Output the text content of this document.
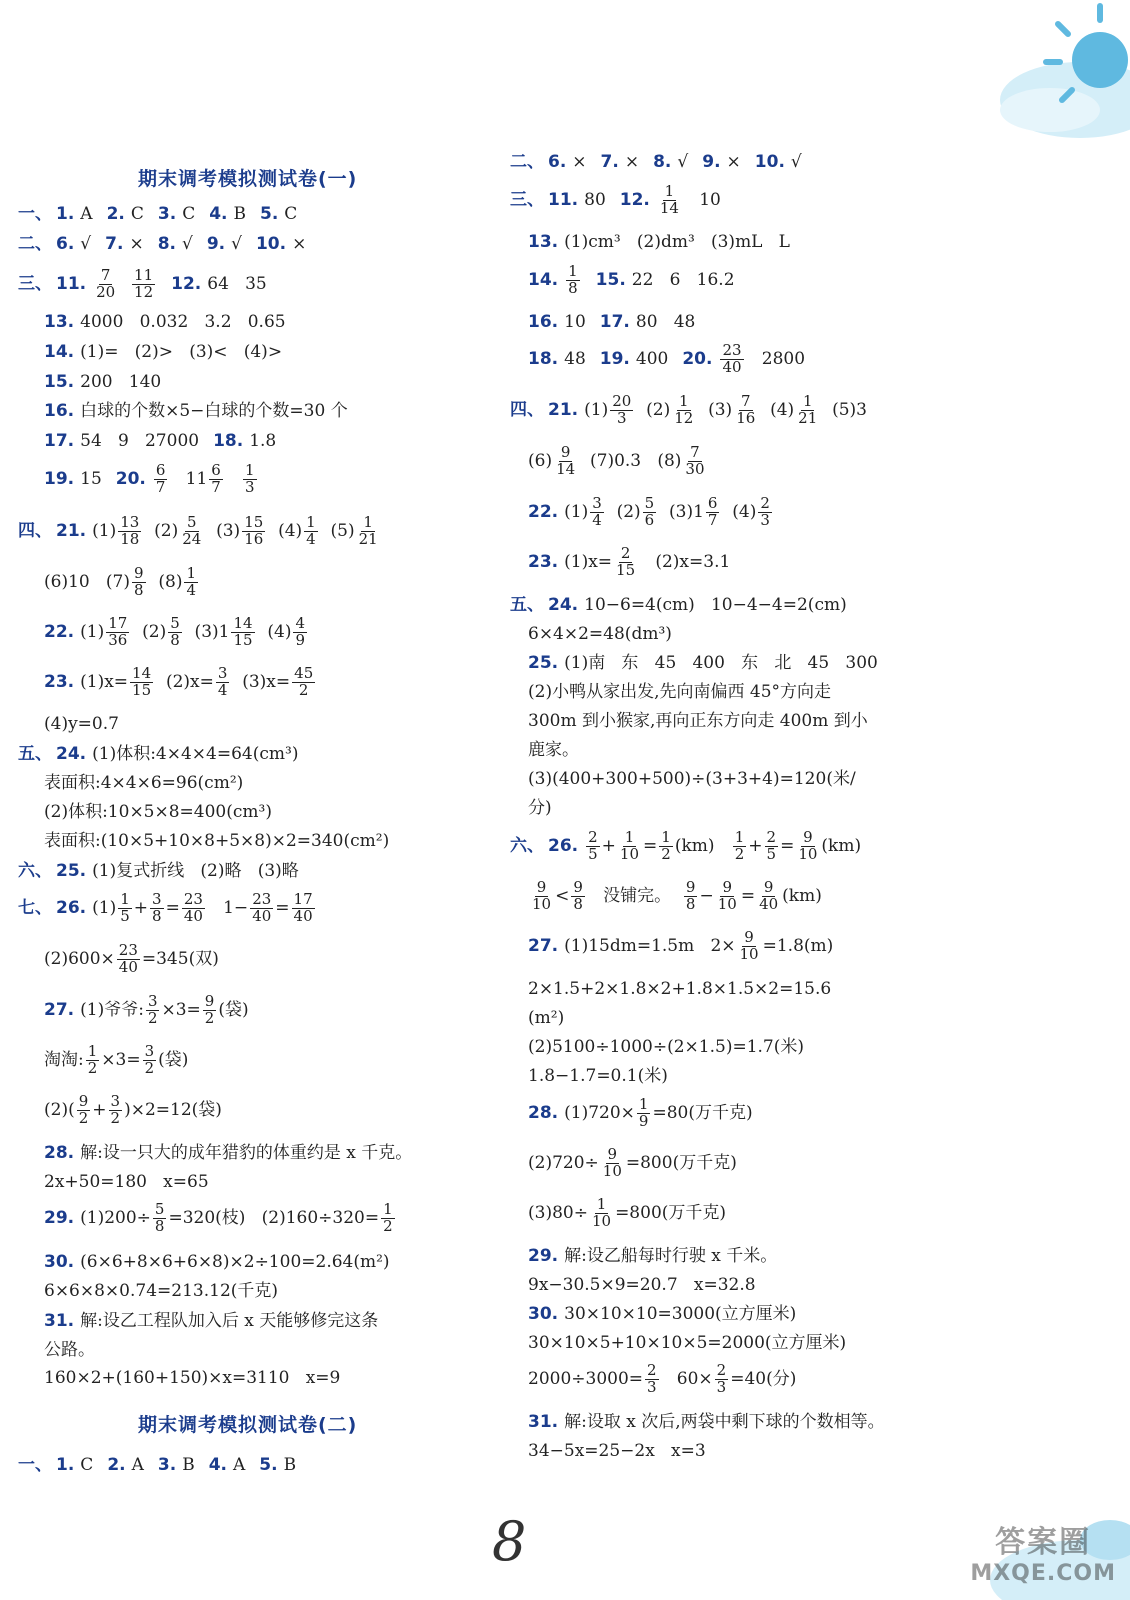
期末调考模拟测试卷(一)
一、 1. A 2. C 3. C 4. B 5. C
二、 6. √ 7. × 8. √ 9. √ 10. ×
三、 11. $\frac{7}{20}$
$\frac{11}{12} 12$. 64   35
13. 4000   0.032   3.2   0.65
14. (1)=   (2)>   (3)<   (4)>
15. 200   140
16. 白球的个数×5−白球的个数=30 个
17. 54   9   27000 18. 1.8
19. 15 20. $\frac{6}{7} 11 \frac{6}{7}$
$\frac{1}{3}$
四、 21. $(1) \frac{13}{18} (2) \frac{5}{24} (3) \frac{15}{16} (4) \frac{1}{4} (5) \frac{1}{21}$
(6)10   $(7) \frac{9}{8} (8) \frac{1}{4}$
22. $(1) \frac{17}{36} (2) \frac{5}{8} (3)1 \frac{14}{15} (4) \frac{4}{9}$
23. $(1)x= \frac{14}{15} (2)x= \frac{3}{4} (3)x= \frac{45}{2}$
(4)y=0.7
五、 24. (1)体积:4×4×4=64(cm³)
表面积:4×4×6=96(cm²)
(2)体积:10×5×8=400(cm³)
表面积:(10×5+10×8+5×8)×2=340(cm²)
六、 25. (1)复式折线   (2)略   (3)略
七、 26. $(1) \frac{1}{5} + \frac{3}{8} = \frac{23}{40} 1- \frac{23}{40} = \frac{17}{40}$
$(2)600\times \frac{23}{40} =345$(双)
27. (1)爷爷: $\frac{3}{2} \times 3= \frac{9}{2}$ (袋)
淘淘: $\frac{1}{2} \times 3= \frac{3}{2}$ (袋)
$(2)( \frac{9}{2} + \frac{3}{2} )\times 2=12$(袋)
28. 解:设一只大的成年猎豹的体重约是 x 千克。
2x+50=180   x=65
29. $(1)200\div \frac{5}{8} =320$(枝)   $(2)160\div 320= \frac{1}{2}$
30. (6×6+8×6+6×8)×2÷100=2.64(m²)
6×6×8×0.74=213.12(千克)
31. 解:设乙工程队加入后 x 天能够修完这条
公路。
160×2+(160+150)×x=3110   x=9
期末调考模拟测试卷(二)
一、 1. C 2. A 3. B 4. A 5. B
二、 6. × 7. × 8. √ 9. × 10. √
三、 11. 80 12. $\frac{1}{14} 10$
13. (1)cm³   (2)dm³   (3)mL   L
14. $\frac{1}{8} 15$. 22   6   16.2
16. 10 17. 80   48
18. 48 19. 400 20. $\frac{23}{40} 2800$
四、 21. $(1) \frac{20}{3} (2) \frac{1}{12} (3) \frac{7}{16} (4) \frac{1}{21} (5)3$
$(6) \frac{9}{14} (7)0.3$   $(8) \frac{7}{30}$
22. $(1) \frac{3}{4} (2) \frac{5}{6} (3)1 \frac{6}{7} (4) \frac{2}{3}$
23. $(1)x= \frac{2}{15} (2)x=3.1$
五、 24. 10−6=4(cm)   10−4−4=2(cm)
6×4×2=48(dm³)
25. (1)南   东   45   400   东   北   45   300
(2)小鸭从家出发,先向南偏西 45°方向走
300m 到小猴家,再向正东方向走 400m 到小
鹿家。
(3)(400+300+500)÷(3+3+4)=120(米/
分)
六、 26. $\frac{2}{5} + \frac{1}{10} = \frac{1}{2} (km) \frac{1}{2} + \frac{2}{5} = \frac{9}{10} (km)$
$\frac{9}{10} < \frac{9}{8}$ 没铺完。 $\frac{9}{8} - \frac{9}{10} = \frac{9}{40} (km)$
27. (1)15dm=1.5m   $2\times \frac{9}{10} =1.8(m)$
2×1.5+2×1.8×2+1.8×1.5×2=15.6
(m²)
(2)5100÷1000÷(2×1.5)=1.7(米)
1.8−1.7=0.1(米)
28. $(1)720\times \frac{1}{9} =80$(万千克)
$(2)720\div \frac{9}{10} =800$(万千克)
$(3)80\div \frac{1}{10} =800$(万千克)
29. 解:设乙船每时行驶 x 千米。
9x−30.5×9=20.7   x=32.8
30. 30×10×10=3000(立方厘米)
30×10×5+10×10×5=2000(立方厘米)
$2000\div 3000= \frac{2}{3} 60\times \frac{2}{3} =40$(分)
31. 解:设取 x 次后,两袋中剩下球的个数相等。
34−5x=25−2x   x=3
8	答案圈
MXQE.COM
